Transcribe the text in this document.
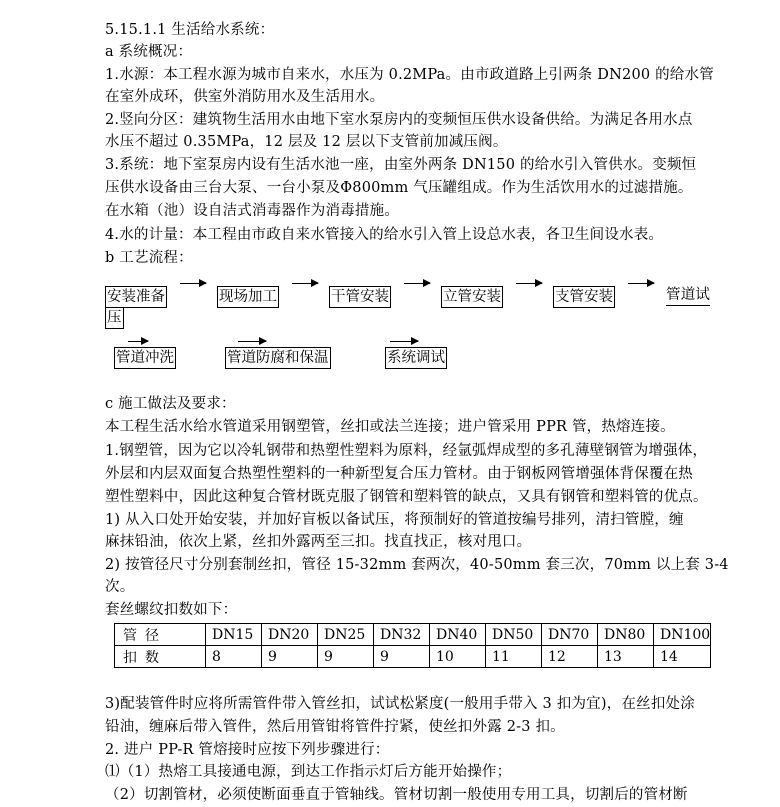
5.15.1.1 生活给水系统：
a 系统概况：
1.水源：本工程水源为城市自来水，水压为 0.2MPa。由市政道路上引两条 DN200 的给水管
在室外成环，供室外消防用水及生活用水。
2.竖向分区：建筑物生活用水由地下室水泵房内的变频恒压供水设备供给。为满足各用水点
水压不超过 0.35MPa，12 层及 12 层以下支管前加减压阀。
3.系统：地下室泵房内设有生活水池一座，由室外两条 DN150 的给水引入管供水。变频恒
压供水设备由三台大泵、一台小泵及Φ800mm 气压罐组成。作为生活饮用水的过滤措施。
在水箱（池）设自洁式消毒器作为消毒措施。
4.水的计量：本工程由市政自来水管接入的给水引入管上设总水表，各卫生间设水表。
b 工艺流程：
安装准备	现场加工	干管安装	立管安装	支管安装	管道试
压
管道冲洗	管道防腐和保温	系统调试
c 施工做法及要求：
本工程生活水给水管道采用钢塑管，丝扣或法兰连接；进户管采用 PPR 管，热熔连接。
1.钢塑管，因为它以冷轧钢带和热塑性塑料为原料，经氩弧焊成型的多孔薄壁钢管为增强体，
外层和内层双面复合热塑性塑料的一种新型复合压力管材。由于钢板网管增强体背保覆在热
塑性塑料中，因此这种复合管材既克服了钢管和塑料管的缺点，又具有钢管和塑料管的优点。
1) 从入口处开始安装，并加好盲板以备试压，将预制好的管道按编号排列，清扫管膛，缠
麻抹铅油，依次上紧，丝扣外露两至三扣。找直找正，核对甩口。
2) 按管径尺寸分别套制丝扣，管径 15-32mm 套两次，40-50mm 套三次，70mm 以上套 3-4
次。
套丝螺纹扣数如下：
管径	DN15	DN20	DN25	DN32	DN40	DN50	DN70	DN80	DN100
扣数	8	9	9	9	10	11	12	13	14
3)配装管件时应将所需管件带入管丝扣，试试松紧度(一般用手带入 3 扣为宜)，在丝扣处涂
铅油，缠麻后带入管件，然后用管钳将管件拧紧，使丝扣外露 2-3 扣。
2. 进户 PP-R 管熔接时应按下列步骤进行：
⑴（1）热熔工具接通电源，到达工作指示灯后方能开始操作；
（2）切割管材，必须使断面垂直于管轴线。管材切割一般使用专用工具，切割后的管材断
